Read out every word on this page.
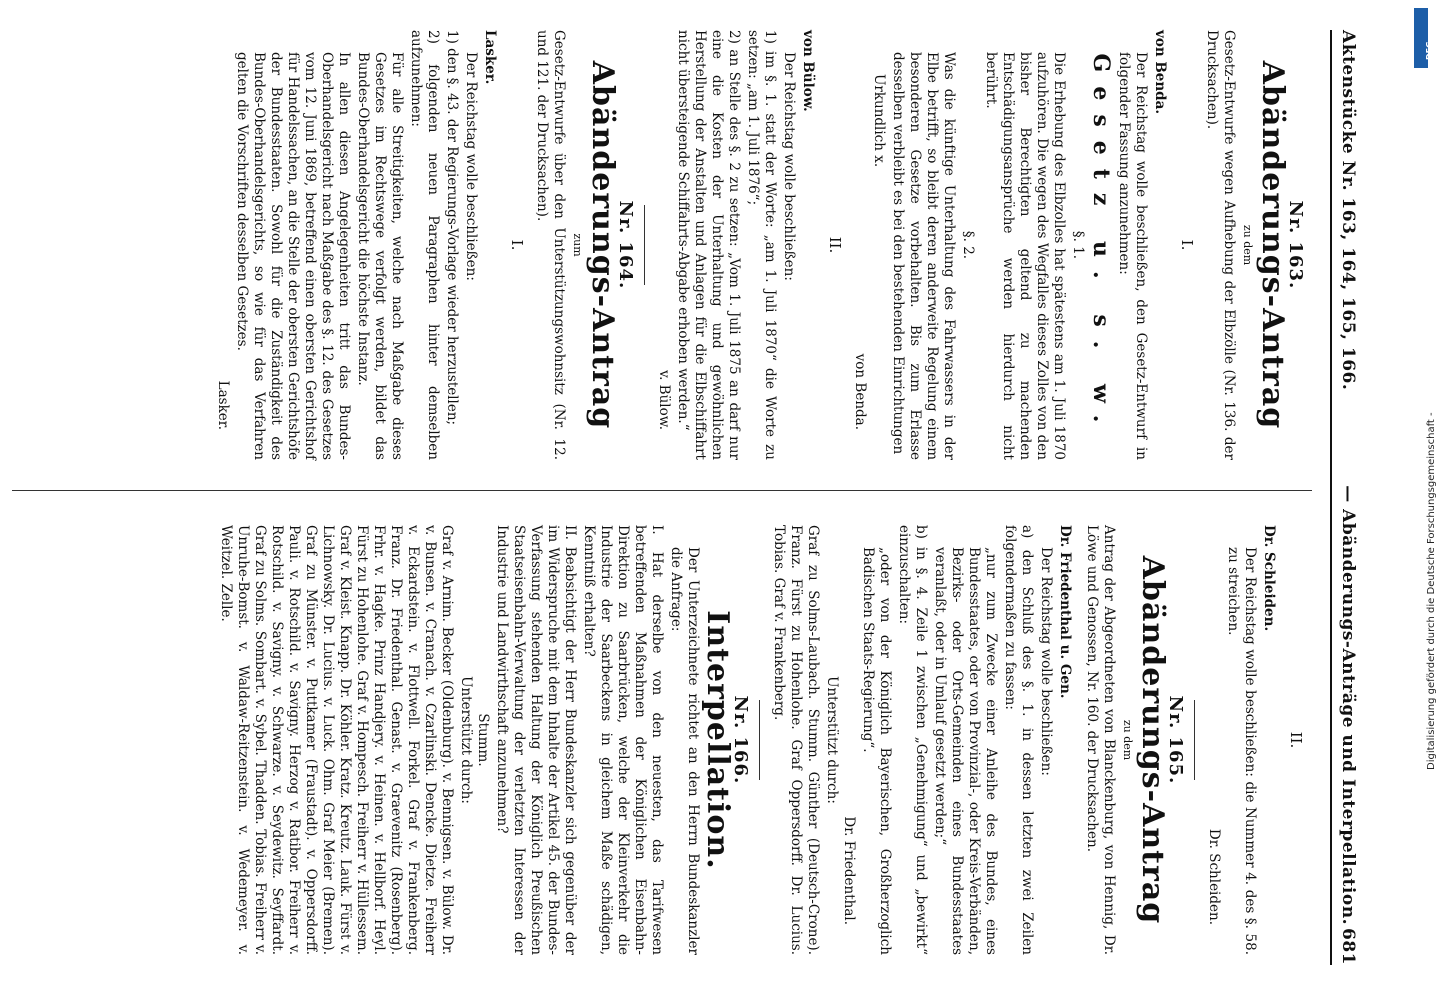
Aktenstücke Nr. 163, 164, 165, 166.
— Abänderungs-Anträge und Interpellation.
681
Nr. 163.
Abänderungs-Antrag
zu dem
Gesetz-Entwurfe wegen Aufhebung der Elbzölle (Nr. 136. der Drucksachen).
I.
von Benda.
Der Reichstag wolle beschließen, den Gesetz-Entwurf in folgender Fassung anzunehmen:
Gesetz u. s. w.
§. 1.
Die Erhebung des Elbzolles hat spätestens am 1. Juli 1870 aufzuhören. Die wegen des Wegfalles dieses Zolles von den bisher Berechtigten geltend zu machenden Entschädigungsansprüche werden hierdurch nicht berührt.
§. 2.
Was die künftige Unterhaltung des Fahrwassers in der Elbe betrifft, so bleibt deren anderweite Regelung einem besonderen Gesetze vorbehalten. Bis zum Erlasse desselben verbleibt es bei den bestehenden Einrichtungen
Urkundlich x.
von Benda.
II.
von Bülow.
Der Reichstag wolle beschließen:
1) im §. 1. statt der Worte: „am 1. Juli 1870“ die Worte zu setzen: „am 1. Juli 1876“;
2) an Stelle des §. 2 zu setzen: „Vom 1. Juli 1875 an darf nur eine die Kosten der Unterhaltung und gewöhnlichen Herstellung der Anstalten und Anlagen für die Elbschiffahrt nicht übersteigende Schiffahrts-Abgabe erhoben werden.“
v. Bülow.
Nr. 164.
Abänderungs-Antrag
zum
Gesetz-Entwurfe über den Unterstützungswohnsitz (Nr. 12. und 121. der Drucksachen).
I.
Lasker.
Der Reichstag wolle beschließen:
1) den §. 43. der Regierungs-Vorlage wieder herzustellen;
2) folgenden neuen Paragraphen hinter demselben aufzunehmen:
Für alle Streitigkeiten, welche nach Maßgabe dieses Gesetzes im Rechtswege verfolgt werden, bildet das Bundes-Oberhandelsgericht die höchste Instanz.
In allen diesen Angelegenheiten tritt das Bundes-Oberhandelsgericht nach Maßgabe des §. 12. des Gesetzes vom 12. Juni 1869, betreffend einen obersten Gerichtshof für Handelssachen, an die Stelle der obersten Gerichtshöfe der Bundesstaaten. Sowohl für die Zuständigkeit des Bundes-Oberhandelsgerichts, so wie für das Verfahren gelten die Vorschriften desselben Gesetzes.
Lasker.
II.
Dr. Schleiden.
Der Reichstag wolle beschließen: die Nummer 4. des §. 58. zu streichen.
Dr. Schleiden.
Nr. 165.
Abänderungs-Antrag
zu dem
Antrag der Abgeordneten von Blanckenburg, von Hennig, Dr. Löwe und Genossen, Nr. 160. der Drucksachen.
Dr. Friedenthal u. Gen.
Der Reichstag wolle beschließen:
a) den Schluß des §. 1. in dessen letzten zwei Zeilen folgendermaßen zu fassen:
„nur zum Zwecke einer Anleihe des Bundes, eines Bundesstaates, oder von Provinzial-, oder Kreis-Verbänden, Bezirks- oder Orts-Gemeinden eines Bundesstaates veranlaßt, oder in Umlauf gesetzt werden;“
b) in §. 4. Zeile 1 zwischen „Genehmigung“ und „bewirkt“ einzuschalten:
„oder von der Königlich Bayerischen, Großherzoglich Badischen Staats-Regierung“.
Dr. Friedenthal.
Unterstützt durch:
Graf zu Solms-Laubach. Stumm. Günther (Deutsch-Crone). Franz. Fürst zu Hohenlohe. Graf Oppersdorff. Dr. Lucius. Tobias. Graf v. Frankenberg.
Nr. 166.
Interpellation.
Der Unterzeichnete richtet an den Herrn Bundeskanzler die Anfrage:
I. Hat derselbe von den neuesten, das Tarifwesen betreffenden Maßnahmen der Königlichen Eisenbahn-Direktion zu Saarbrücken, welche der Kleinverkehr die Industrie der Saarbeckens in gleichem Maße schädigen, Kenntniß erhalten?
II. Beabsichtigt der Herr Bundeskanzler sich gegenüber der im Widerspruche mit dem Inhalte der Artikel 45. der Bundes-Verfassung stehenden Haltung der Königlich Preußischen Staatseisenbahn-Verwaltung der verletzten Interessen der Industrie und Landwirthschaft anzunehmen?
Stumm.
Unterstützt durch:
Graf v. Arnim. Becker (Oldenburg). v. Bennigsen. v. Bülow. Dr. v. Bunsen. v. Cranach. v. Czarlinski. Dencke. Dietze. Freiherr v. Eckardstein. v. Flottwell. Forkel. Graf v. Frankenberg. Franz. Dr. Friedenthal. Genast. v. Graevenitz (Rosenberg). Frhr. v. Hagke. Prinz Handjery. v. Heinen. v. Hellborf. Heyl. Fürst zu Hohenlohe. Graf v. Hompesch. Freiherr v. Hüllessem. Graf v. Kleist. Knapp. Dr. Köhler. Kratz. Kreutz. Lauk. Fürst v. Lichnowsky. Dr. Lucius. v. Luck. Ohm. Graf Meier (Bremen). Graf zu Münster. v. Puttkamer (Fraustadt). v. Oppersdorff. Pauli. v. Rotschild. v. Savigny. Herzog v. Ratibor. Freiherr v. Rotschild. v. Savigny. v. Schwarze. v. Seydewitz. Seyffardt. Graf zu Solms. Sombart. v. Sybel. Thadden. Tobias. Freiherr v. Unruhe-Bomst. v. Waldaw-Reitzenstein. v. Wedemeyer. v. Weitzel. Zelle.
DFG
Digitalisierung gefördert durch die Deutsche Forschungsgemeinschaft -
